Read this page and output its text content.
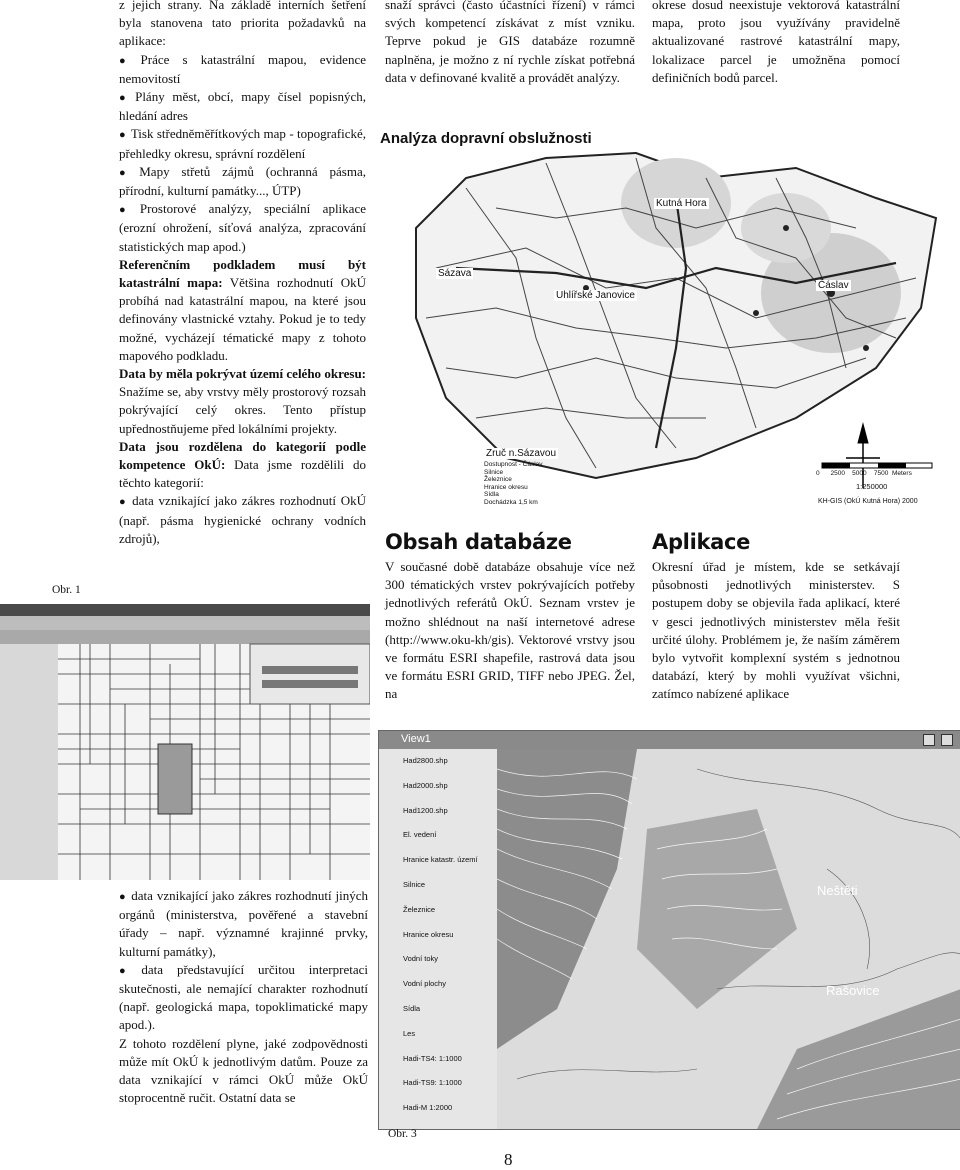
z jejich strany. Na základě interních šetření byla stanovena tato priorita požadavků na aplikace:

● Práce s katastrální mapou, evidence nemovitostí

● Plány měst, obcí, mapy čísel popisných, hledání adres

● Tisk středněměřítkových map - topografické, přehledky okresu, správní rozdělení

● Mapy střetů zájmů (ochranná pásma, přírodní, kulturní památky..., ÚTP)

● Prostorové analýzy, speciální aplikace (erozní ohrožení, síťová analýza, zpracování statistických map apod.)

Referenčním podkladem musí být katastrální mapa: Většina rozhodnutí OkÚ probíhá nad katastrální mapou, na které jsou definovány vlastnické vztahy. Pokud je to tedy možné, vycházejí tématické mapy z tohoto mapového podkladu.

Data by měla pokrývat území celého okresu: Snažíme se, aby vrstvy měly prostorový rozsah pokrývající celý okres. Tento přístup upřednostňujeme před lokálními projekty.

Data jsou rozdělena do kategorií podle kompetence OkÚ: Data jsme rozdělili do těchto kategorií:

● data vznikající jako zákres rozhodnutí OkÚ (např. pásma hygienické ochrany vodních zdrojů),

Obr. 1

● data vznikající jako zákres rozhodnutí jiných orgánů (ministerstva, pověřené a stavební úřady – např. významné krajinné prvky, kulturní památky),

● data představující určitou interpretaci skutečnosti, ale nemající charakter rozhodnutí (např. geologická mapa, topoklimatické mapy apod.).

Z tohoto rozdělení plyne, jaké zodpovědnosti může mít OkÚ k jednotlivým datům. Pouze za data vznikající v rámci OkÚ může OkÚ stoprocentně ručit. Ostatní data se

snaží správci (často účastníci řízení) v rámci svých kompetencí získávat z míst vzniku. Teprve pokud je GIS databáze rozumně naplněna, je možno z ní rychle získat potřebná data v definované kvalitě a provádět analýzy.

okrese dosud neexistuje vektorová katastrální mapa, proto jsou využívány pravidelně aktualizované rastrové katastrální mapy, lokalizace parcel je umožněna pomocí definičních bodů parcel.

Analýza dopravní obslužnosti
Kutná Hora
Sázava
Uhlířské Janovice
Čáslav
Zruč n.Sázavou
Dostupnost - Čáslav
Silnice
Železnice
Hranice okresu
Sídla
Dochádzka 1,5 km
0 2500 5000 7500 Meters
1:250000
KH-GIS (OkÚ Kutná Hora) 2000
Obsah databáze

V současné době databáze obsahuje více než 300 tématických vrstev pokrývajících potřeby jednotlivých referátů OkÚ. Seznam vrstev je možno shlédnout na naší internetové adrese (http://www.oku-kh/gis). Vektorové vrstvy jsou ve formátu ESRI shapefile, rastrová data jsou ve formátu ESRI GRID, TIFF nebo JPEG. Žel, na

Aplikace

Okresní úřad je místem, kde se setkávají působnosti jednotlivých ministerstev. S postupem doby se objevila řada aplikací, které v gesci jednotlivých ministerstev měla řešit určité úlohy. Problémem je, že naším záměrem bylo vytvořit komplexní systém s jednotnou databází, který by mohli využívat všichni, zatímco nabízené aplikace

View1
Had2800.shp
Had2000.shp
Had1200.shp
El. vedení
Hranice katastr. území
Silnice
Železnice
Hranice okresu
Vodní toky
Vodní plochy
Sídla
Les
Hadi-TS4: 1:1000
Hadi-TS9: 1:1000
Hadi-M 1:2000
Neštěti
Rašovice
Obr. 3
8
